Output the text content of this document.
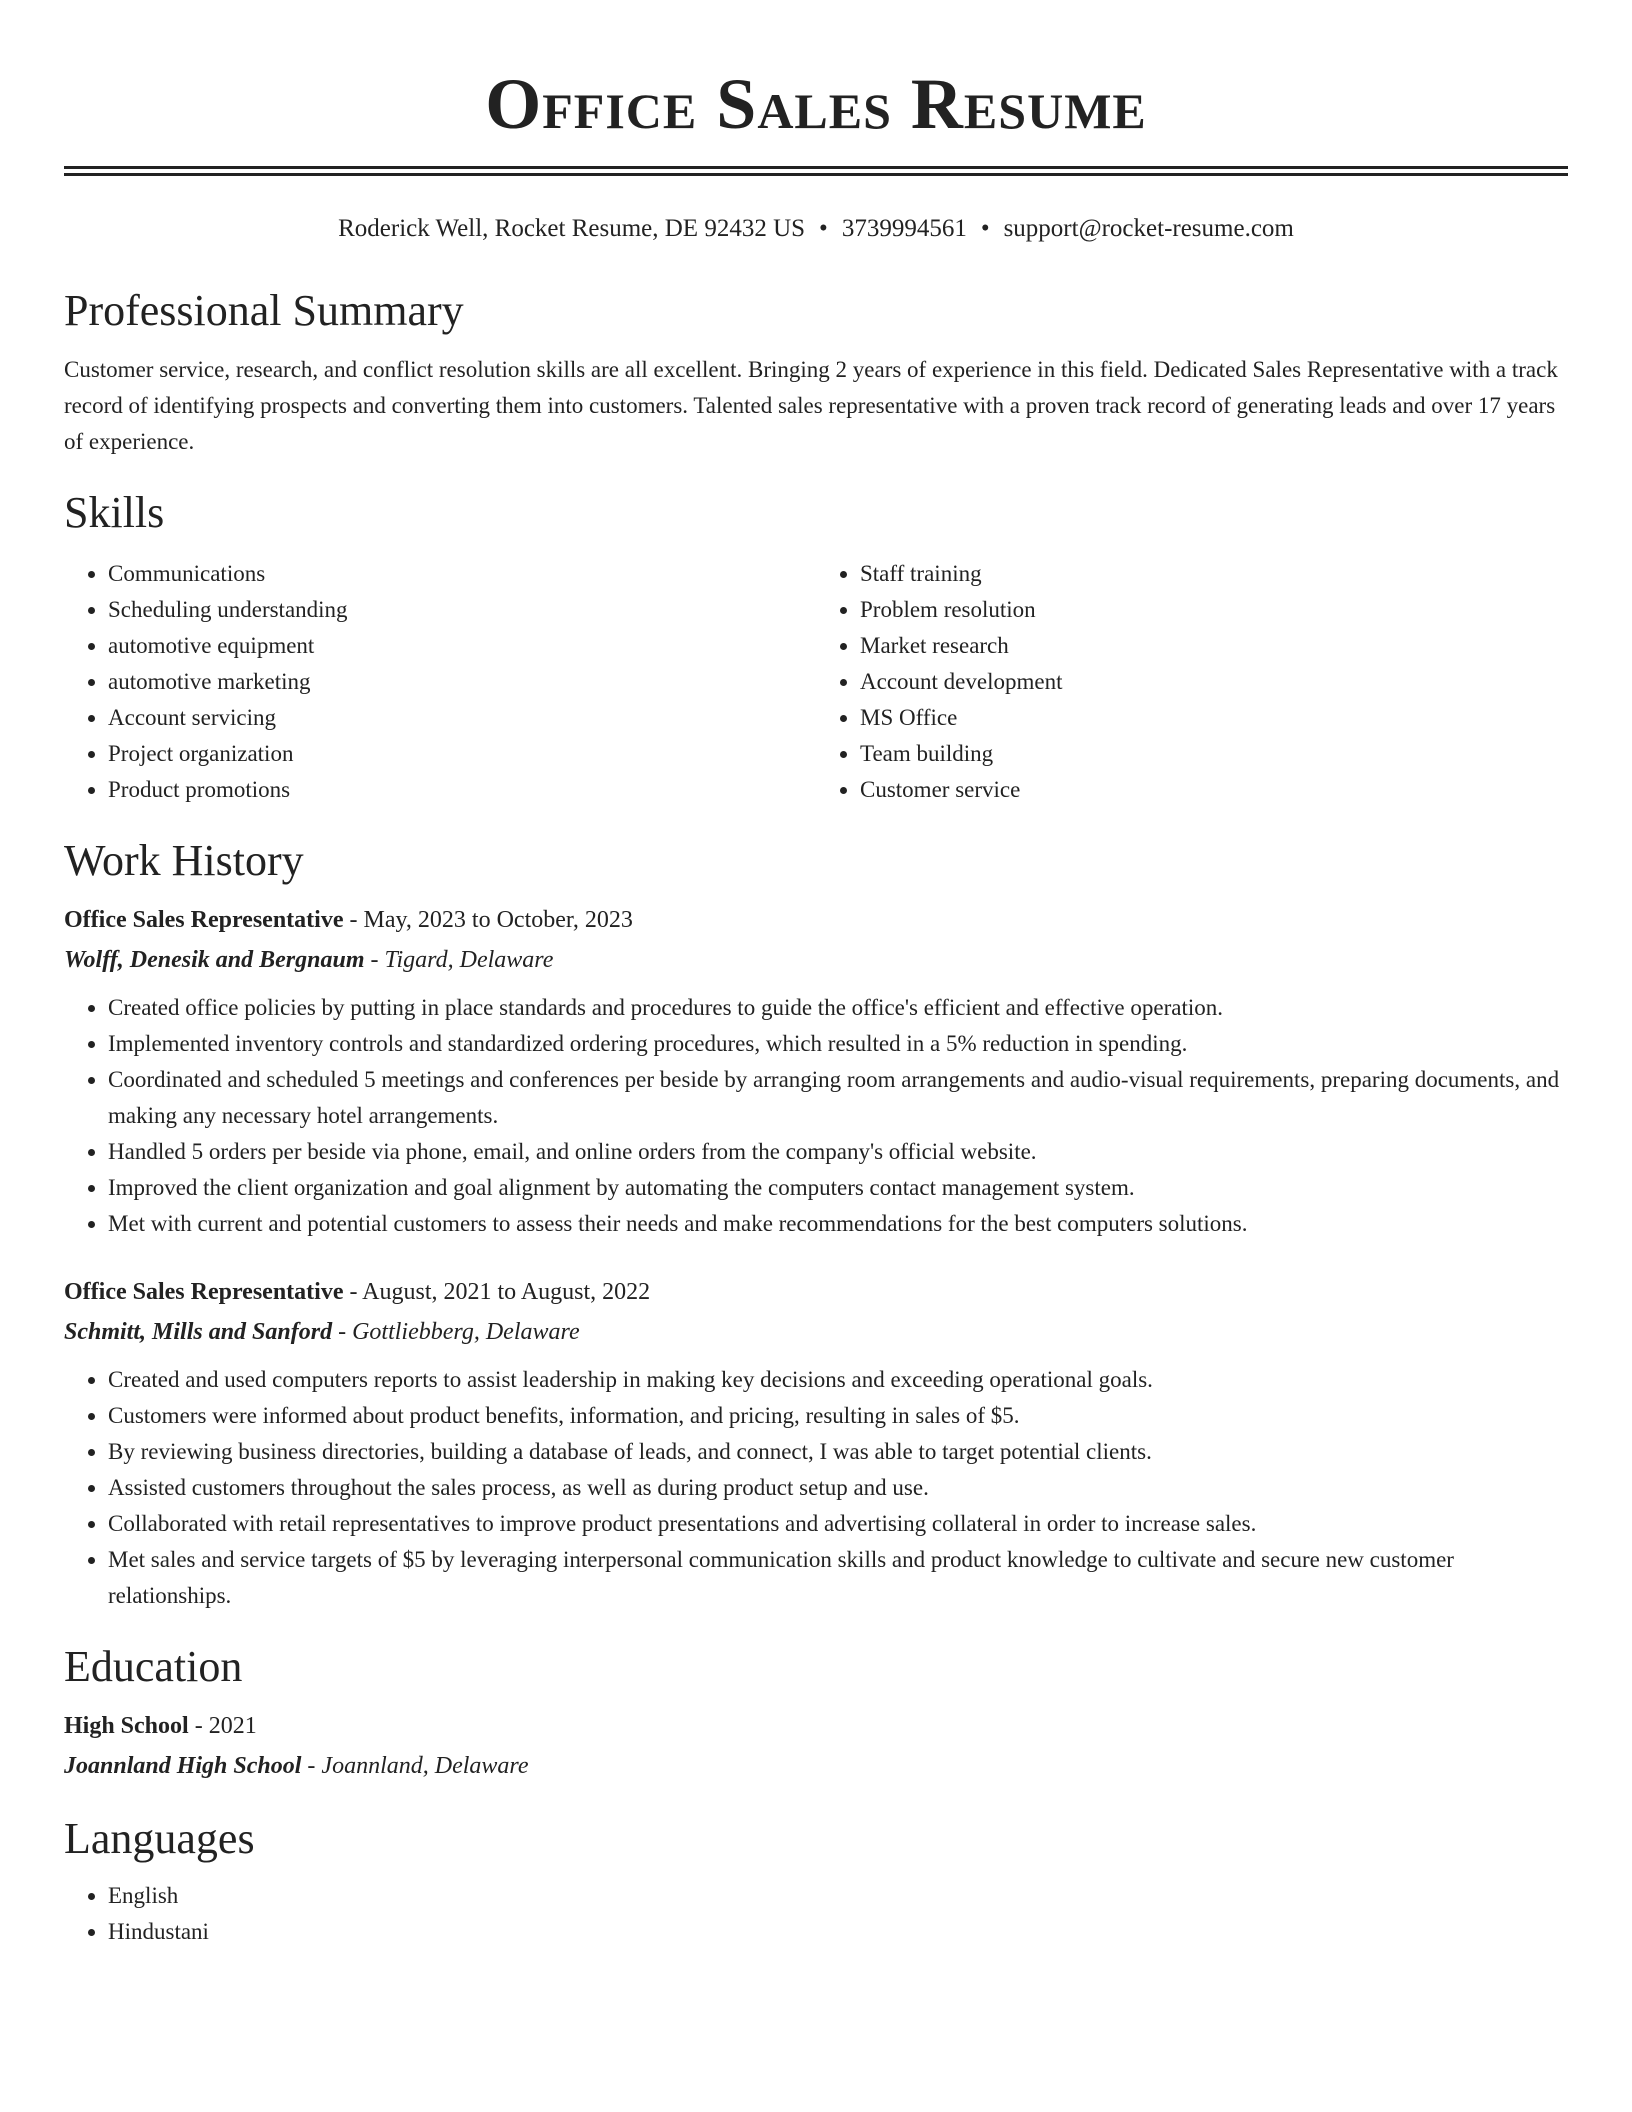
Office Sales Resume
Roderick Well, Rocket Resume, DE 92432 US • 3739994561 • support@rocket-resume.com
Professional Summary

Customer service, research, and conflict resolution skills are all excellent. Bringing 2 years of experience in this field. Dedicated Sales Representative with a track record of identifying prospects and converting them into customers. Talented sales representative with a proven track record of generating leads and over 17 years of experience.

Skills
• Communications
• Scheduling understanding
• automotive equipment
• automotive marketing
• Account servicing
• Project organization
• Product promotions
• Staff training
• Problem resolution
• Market research
• Account development
• MS Office
• Team building
• Customer service
Work History
Office Sales Representative - May, 2023 to October, 2023
Wolff, Denesik and Bergnaum - Tigard, Delaware
• Created office policies by putting in place standards and procedures to guide the office's efficient and effective operation.
• Implemented inventory controls and standardized ordering procedures, which resulted in a 5% reduction in spending.
• Coordinated and scheduled 5 meetings and conferences per beside by arranging room arrangements and audio-visual requirements, preparing documents, and making any necessary hotel arrangements.
• Handled 5 orders per beside via phone, email, and online orders from the company's official website.
• Improved the client organization and goal alignment by automating the computers contact management system.
• Met with current and potential customers to assess their needs and make recommendations for the best computers solutions.
Office Sales Representative - August, 2021 to August, 2022
Schmitt, Mills and Sanford - Gottliebberg, Delaware
• Created and used computers reports to assist leadership in making key decisions and exceeding operational goals.
• Customers were informed about product benefits, information, and pricing, resulting in sales of $5.
• By reviewing business directories, building a database of leads, and connect, I was able to target potential clients.
• Assisted customers throughout the sales process, as well as during product setup and use.
• Collaborated with retail representatives to improve product presentations and advertising collateral in order to increase sales.
• Met sales and service targets of $5 by leveraging interpersonal communication skills and product knowledge to cultivate and secure new customer relationships.
Education
High School - 2021
Joannland High School - Joannland, Delaware
Languages
• English
• Hindustani
